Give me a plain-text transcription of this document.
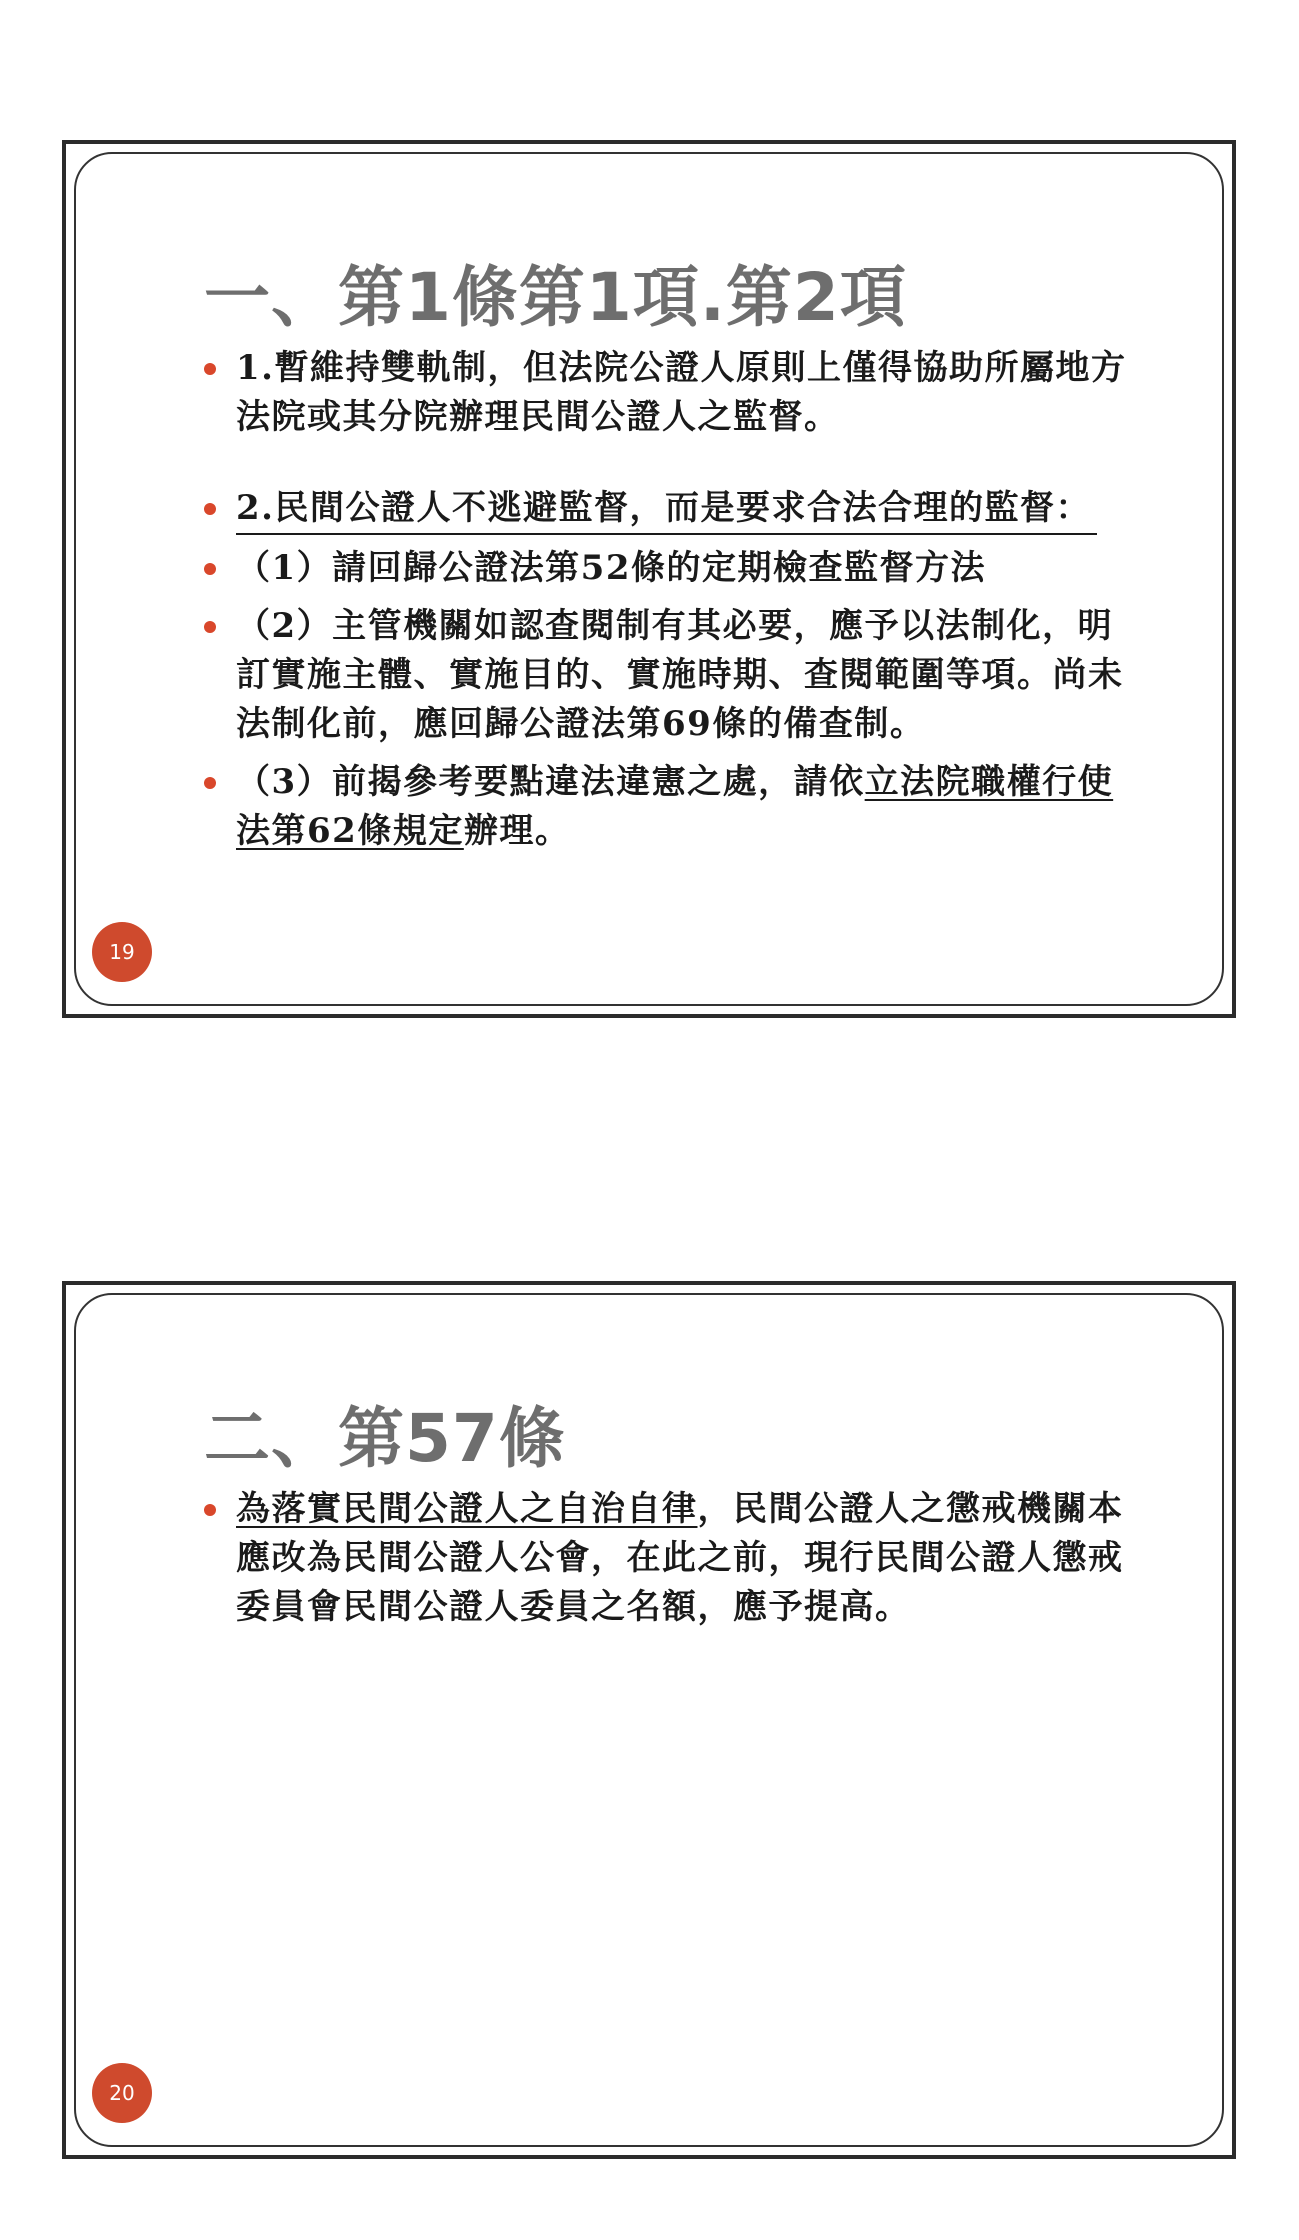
一、第1條第1項.第2項
1.暫維持雙軌制，但法院公證人原則上僅得協助所屬地方法院或其分院辦理民間公證人之監督。
2.民間公證人不逃避監督，而是要求合法合理的監督：
（1）請回歸公證法第52條的定期檢查監督方法
（2）主管機關如認查閱制有其必要，應予以法制化，明訂實施主體、實施目的、實施時期、查閱範圍等項。尚未法制化前，應回歸公證法第69條的備查制。
（3）前揭參考要點違法違憲之處，請依立法院職權行使法第62條規定辦理。
19
二、第57條
為落實民間公證人之自治自律，民間公證人之懲戒機關本應改為民間公證人公會，在此之前，現行民間公證人懲戒委員會民間公證人委員之名額，應予提高。
20
